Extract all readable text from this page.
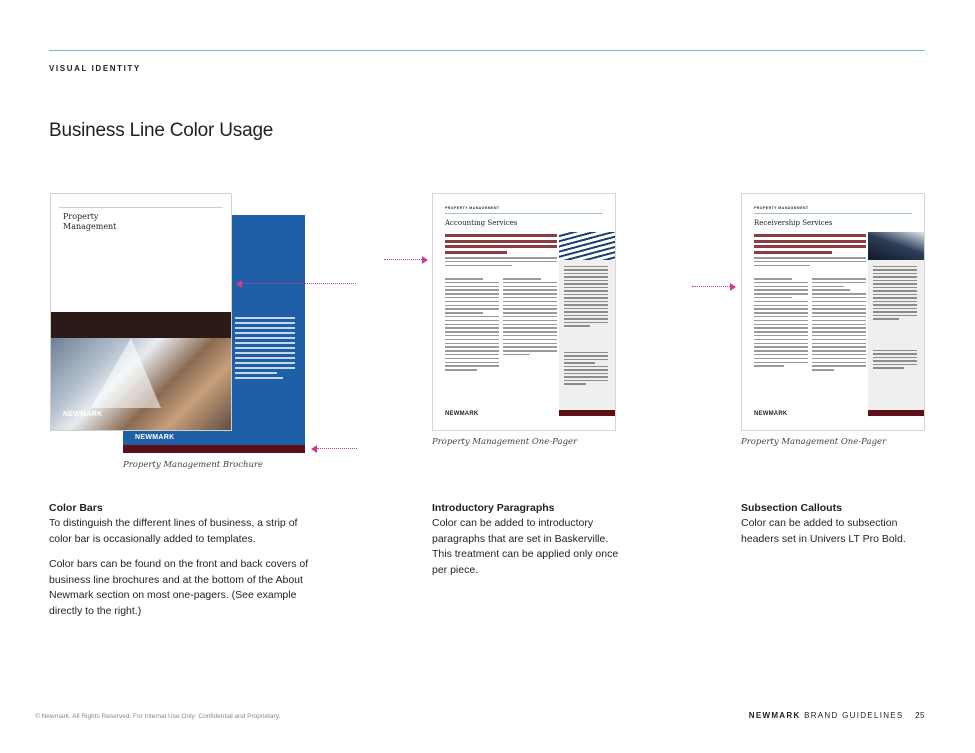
VISUAL IDENTITY
Business Line Color Usage
NEWMARK
Property
Management
NEWMARK
Property Management Brochure
PROPERTY MANAGEMENT
Accounting Services
NEWMARK
Property Management One-Pager
PROPERTY MANAGEMENT
Receivership Services
NEWMARK
Property Management One-Pager
Color Bars

To distinguish the different lines of business, a strip of color bar is occasionally added to templates.

Color bars can be found on the front and back covers of business line brochures and at the bottom of the About Newmark section on most one-pagers. (See example directly to the right.)

Introductory Paragraphs

Color can be added to introductory paragraphs that are set in Baskerville. This treatment can be applied only once per piece.

Subsection Callouts

Color can be added to subsection headers set in Univers LT Pro Bold.

© Newmark. All Rights Reserved. For Internal Use Only: Confidential and Proprietary.	NEWMARK BRAND GUIDELINES 25
